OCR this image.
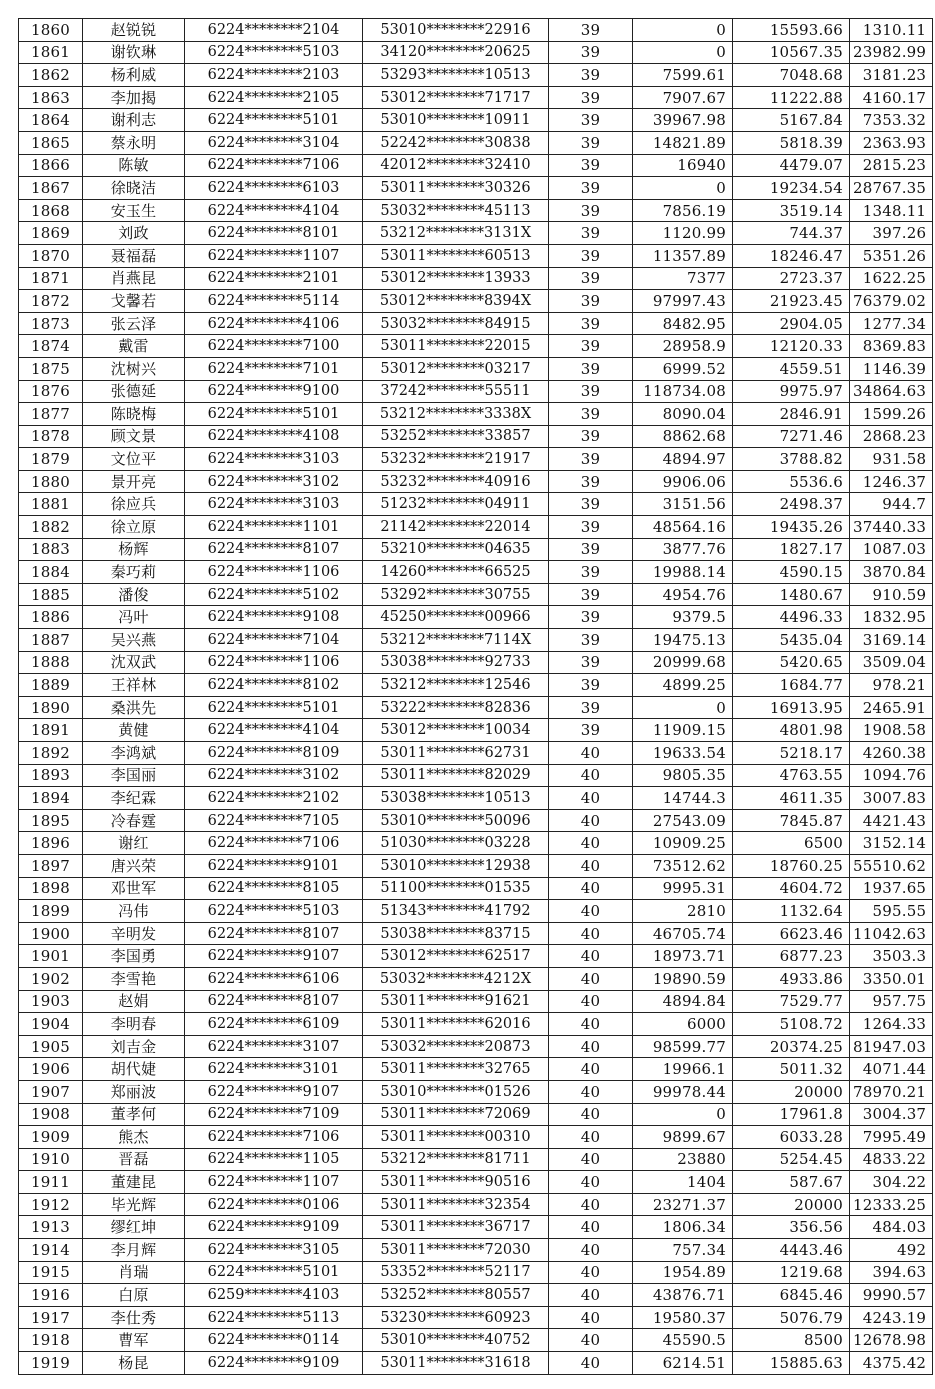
1860	赵锐锐	6224********2104	53010********22916	39	0	15593.66	1310.11
1861	谢钦琳	6224********5103	34120********20625	39	0	10567.35	23982.99
1862	杨利威	6224********2103	53293********10513	39	7599.61	7048.68	3181.23
1863	李加揭	6224********2105	53012********71717	39	7907.67	11222.88	4160.17
1864	谢利志	6224********5101	53010********10911	39	39967.98	5167.84	7353.32
1865	蔡永明	6224********3104	52242********30838	39	14821.89	5818.39	2363.93
1866	陈敏	6224********7106	42012********32410	39	16940	4479.07	2815.23
1867	徐晓洁	6224********6103	53011********30326	39	0	19234.54	28767.35
1868	安玉生	6224********4104	53032********45113	39	7856.19	3519.14	1348.11
1869	刘政	6224********8101	53212********3131X	39	1120.99	744.37	397.26
1870	聂福磊	6224********1107	53011********60513	39	11357.89	18246.47	5351.26
1871	肖燕昆	6224********2101	53012********13933	39	7377	2723.37	1622.25
1872	戈馨若	6224********5114	53012********8394X	39	97997.43	21923.45	76379.02
1873	张云泽	6224********4106	53032********84915	39	8482.95	2904.05	1277.34
1874	戴雷	6224********7100	53011********22015	39	28958.9	12120.33	8369.83
1875	沈树兴	6224********7101	53012********03217	39	6999.52	4559.51	1146.39
1876	张德延	6224********9100	37242********55511	39	118734.08	9975.97	34864.63
1877	陈晓梅	6224********5101	53212********3338X	39	8090.04	2846.91	1599.26
1878	顾文景	6224********4108	53252********33857	39	8862.68	7271.46	2868.23
1879	文位平	6224********3103	53232********21917	39	4894.97	3788.82	931.58
1880	景开亮	6224********3102	53232********40916	39	9906.06	5536.6	1246.37
1881	徐应兵	6224********3103	51232********04911	39	3151.56	2498.37	944.7
1882	徐立原	6224********1101	21142********22014	39	48564.16	19435.26	37440.33
1883	杨辉	6224********8107	53210********04635	39	3877.76	1827.17	1087.03
1884	秦巧莉	6224********1106	14260********66525	39	19988.14	4590.15	3870.84
1885	潘俊	6224********5102	53292********30755	39	4954.76	1480.67	910.59
1886	冯叶	6224********9108	45250********00966	39	9379.5	4496.33	1832.95
1887	吴兴燕	6224********7104	53212********7114X	39	19475.13	5435.04	3169.14
1888	沈双武	6224********1106	53038********92733	39	20999.68	5420.65	3509.04
1889	王祥林	6224********8102	53212********12546	39	4899.25	1684.77	978.21
1890	桑洪先	6224********5101	53222********82836	39	0	16913.95	2465.91
1891	黄健	6224********4104	53012********10034	39	11909.15	4801.98	1908.58
1892	李鸿斌	6224********8109	53011********62731	40	19633.54	5218.17	4260.38
1893	李国丽	6224********3102	53011********82029	40	9805.35	4763.55	1094.76
1894	李纪霖	6224********2102	53038********10513	40	14744.3	4611.35	3007.83
1895	冷春霆	6224********7105	53010********50096	40	27543.09	7845.87	4421.43
1896	谢红	6224********7106	51030********03228	40	10909.25	6500	3152.14
1897	唐兴荣	6224********9101	53010********12938	40	73512.62	18760.25	55510.62
1898	邓世军	6224********8105	51100********01535	40	9995.31	4604.72	1937.65
1899	冯伟	6224********5103	51343********41792	40	2810	1132.64	595.55
1900	辛明发	6224********8107	53038********83715	40	46705.74	6623.46	11042.63
1901	李国勇	6224********9107	53012********62517	40	18973.71	6877.23	3503.3
1902	李雪艳	6224********6106	53032********4212X	40	19890.59	4933.86	3350.01
1903	赵娟	6224********8107	53011********91621	40	4894.84	7529.77	957.75
1904	李明春	6224********6109	53011********62016	40	6000	5108.72	1264.33
1905	刘吉金	6224********3107	53032********20873	40	98599.77	20374.25	81947.03
1906	胡代婕	6224********3101	53011********32765	40	19966.1	5011.32	4071.44
1907	郑丽波	6224********9107	53010********01526	40	99978.44	20000	78970.21
1908	董孝何	6224********7109	53011********72069	40	0	17961.8	3004.37
1909	熊杰	6224********7106	53011********00310	40	9899.67	6033.28	7995.49
1910	晋磊	6224********1105	53212********81711	40	23880	5254.45	4833.22
1911	董建昆	6224********1107	53011********90516	40	1404	587.67	304.22
1912	毕光辉	6224********0106	53011********32354	40	23271.37	20000	12333.25
1913	缪红坤	6224********9109	53011********36717	40	1806.34	356.56	484.03
1914	李月辉	6224********3105	53011********72030	40	757.34	4443.46	492
1915	肖瑞	6224********5101	53352********52117	40	1954.89	1219.68	394.63
1916	白原	6259********4103	53252********80557	40	43876.71	6845.46	9990.57
1917	李仕秀	6224********5113	53230********60923	40	19580.37	5076.79	4243.19
1918	曹军	6224********0114	53010********40752	40	45590.5	8500	12678.98
1919	杨昆	6224********9109	53011********31618	40	6214.51	15885.63	4375.42
